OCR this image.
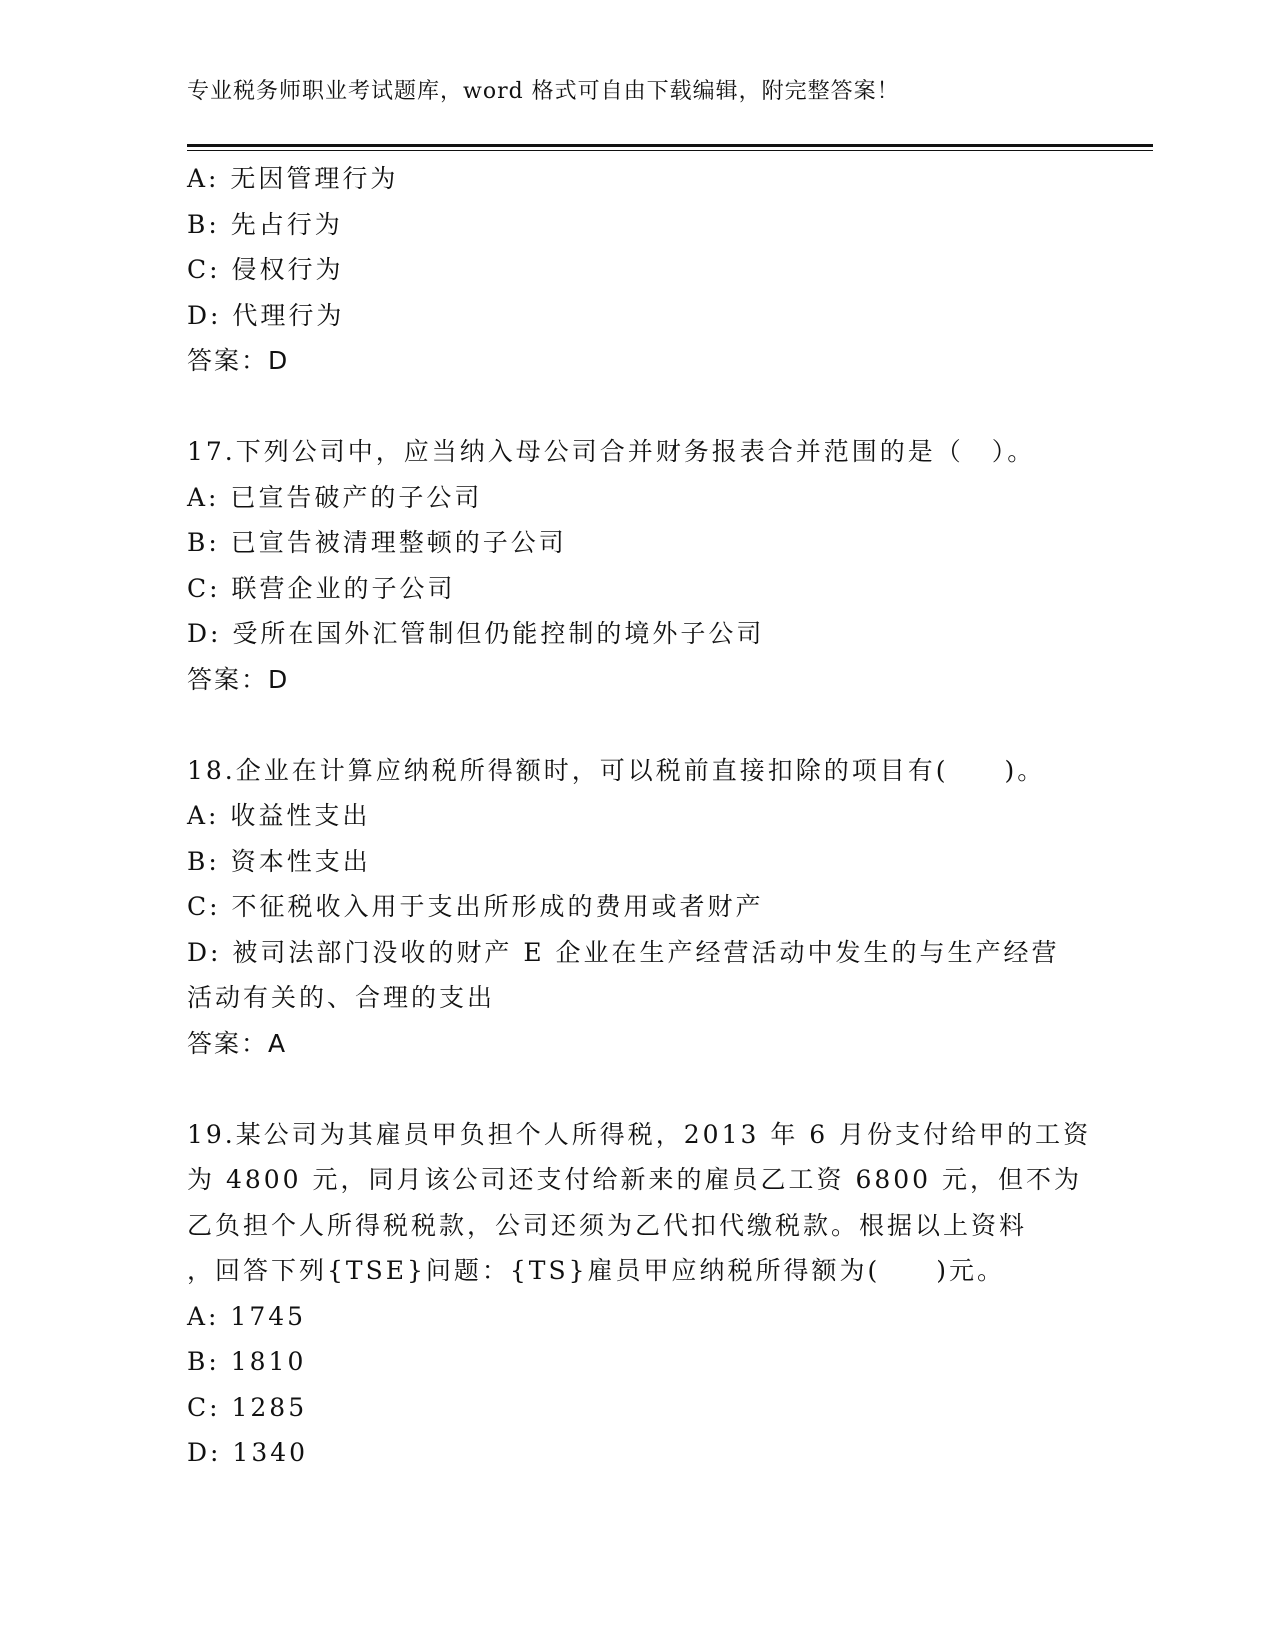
专业税务师职业考试题库，word 格式可自由下载编辑，附完整答案！
A: 无因管理行为
B: 先占行为
C: 侵权行为
D: 代理行为
答案：D
17.下列公司中，应当纳入母公司合并财务报表合并范围的是（　）。
A: 已宣告破产的子公司
B: 已宣告被清理整顿的子公司
C: 联营企业的子公司
D: 受所在国外汇管制但仍能控制的境外子公司
答案：D
18.企业在计算应纳税所得额时，可以税前直接扣除的项目有(　　)。
A: 收益性支出
B: 资本性支出
C: 不征税收入用于支出所形成的费用或者财产
D: 被司法部门没收的财产 E 企业在生产经营活动中发生的与生产经营
活动有关的、合理的支出
答案：A
19.某公司为其雇员甲负担个人所得税，2013 年 6 月份支付给甲的工资
为 4800 元，同月该公司还支付给新来的雇员乙工资 6800 元，但不为
乙负担个人所得税税款，公司还须为乙代扣代缴税款。根据以上资料
，回答下列{TSE}问题：{TS}雇员甲应纳税所得额为(　　)元。
A: 1745
B: 1810
C: 1285
D: 1340
